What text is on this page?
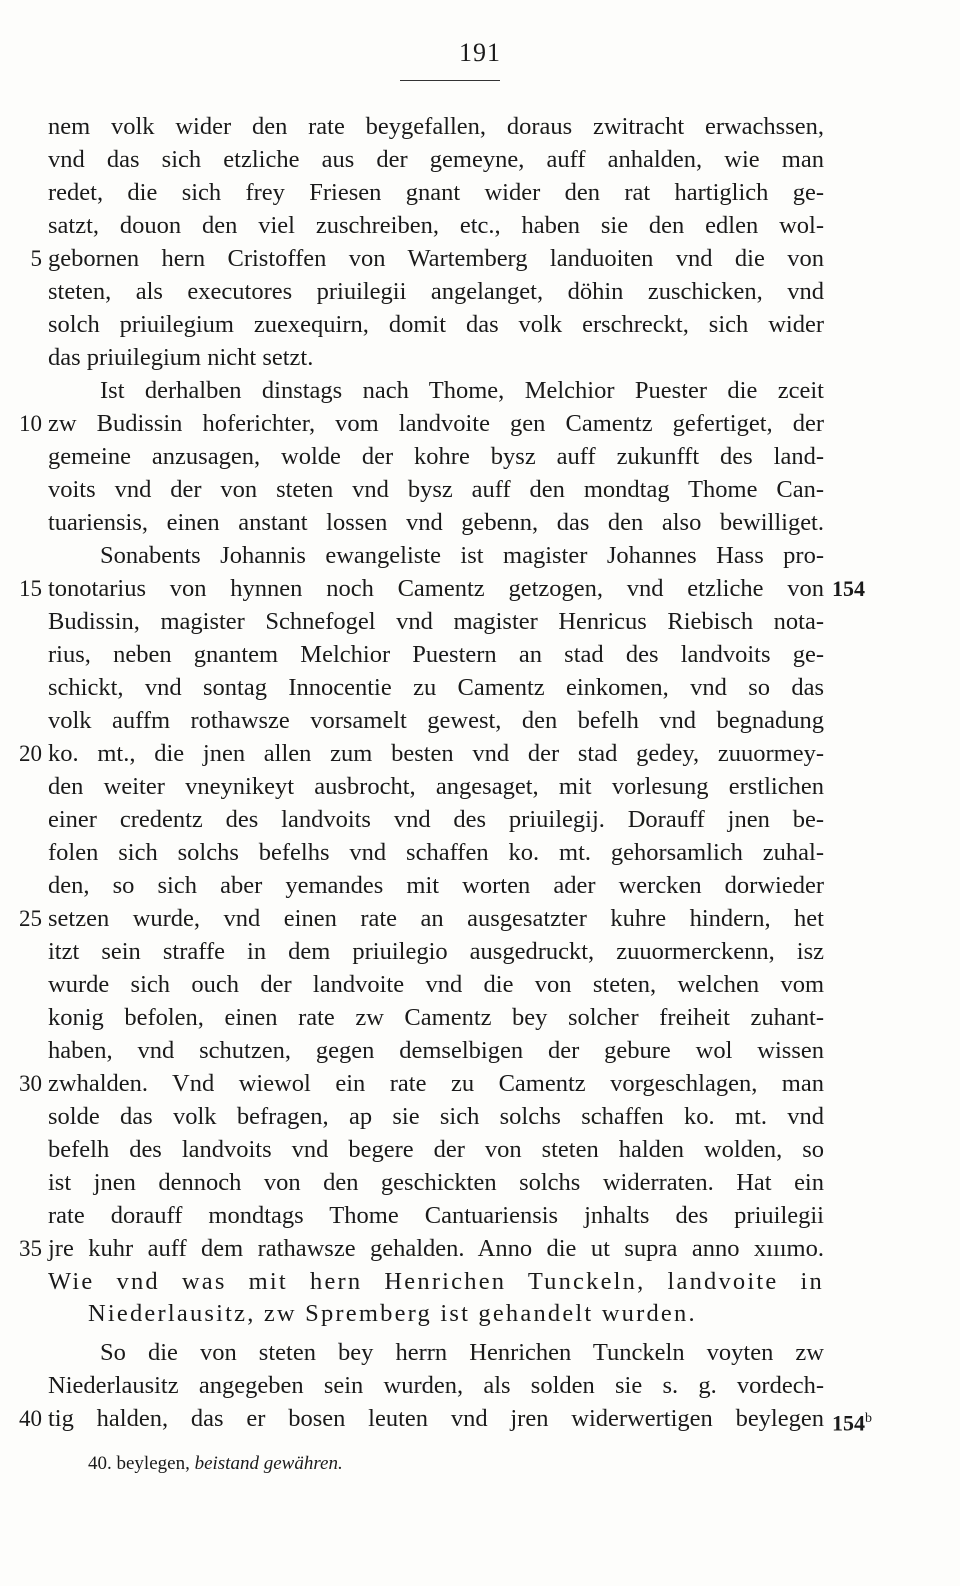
191
nem volk wider den rate beygefallen, doraus zwitracht erwachssen,
vnd das sich etzliche aus der gemeyne, auff anhalden, wie man
redet, die sich frey Friesen gnant wider den rat hartiglich ge-
satzt, douon den viel zuschreiben, etc., haben sie den edlen wol-
gebornen hern Cristoffen von Wartemberg landuoiten vnd die von
5
steten, als executores priuilegii angelanget, döhin zuschicken, vnd
solch priuilegium zuexequirn, domit das volk erschreckt, sich wider
das priuilegium nicht setzt.
Ist derhalben dinstags nach Thome, Melchior Puester die zceit
zw Budissin hoferichter, vom landvoite gen Camentz gefertiget, der
10
gemeine anzusagen, wolde der kohre bysz auff zukunfft des land-
voits vnd der von steten vnd bysz auff den mondtag Thome Can-
tuariensis, einen anstant lossen vnd gebenn, das den also bewilliget.
Sonabents Johannis ewangeliste ist magister Johannes Hass pro-
tonotarius von hynnen noch Camentz getzogen, vnd etzliche von
15	154
Budissin, magister Schnefogel vnd magister Henricus Riebisch nota-
rius, neben gnantem Melchior Puestern an stad des landvoits ge-
schickt, vnd sontag Innocentie zu Camentz einkomen, vnd so das
volk auffm rothawsze vorsamelt gewest, den befelh vnd begnadung
ko. mt., die jnen allen zum besten vnd der stad gedey, zuuormey-
20
den weiter vneynikeyt ausbrocht, angesaget, mit vorlesung erstlichen
einer credentz des landvoits vnd des priuilegij. Dorauff jnen be-
folen sich solchs befelhs vnd schaffen ko. mt. gehorsamlich zuhal-
den, so sich aber yemandes mit worten ader wercken dorwieder
setzen wurde, vnd einen rate an ausgesatzter kuhre hindern, het
25
itzt sein straffe in dem priuilegio ausgedruckt, zuuormerckenn, isz
wurde sich ouch der landvoite vnd die von steten, welchen vom
konig befolen, einen rate zw Camentz bey solcher freiheit zuhant-
haben, vnd schutzen, gegen demselbigen der gebure wol wissen
zwhalden. Vnd wiewol ein rate zu Camentz vorgeschlagen, man
30
solde das volk befragen, ap sie sich solchs schaffen ko. mt. vnd
befelh des landvoits vnd begere der von steten halden wolden, so
ist jnen dennoch von den geschickten solchs widerraten. Hat ein
rate dorauff mondtags Thome Cantuariensis jnhalts des priuilegii
jre kuhr auff dem rathawsze gehalden. Anno die ut supra anno xııımo.
35
Wie vnd was mit hern Henrichen Tunckeln, landvoite in
Niederlausitz, zw Spremberg ist gehandelt wurden.
So die von steten bey herrn Henrichen Tunckeln voyten zw
Niederlausitz angegeben sein wurden, als solden sie s. g. vordech-
tig halden, das er bosen leuten vnd jren widerwertigen beylegen
40	154$^b$
40. beylegen, beistand gewähren.
